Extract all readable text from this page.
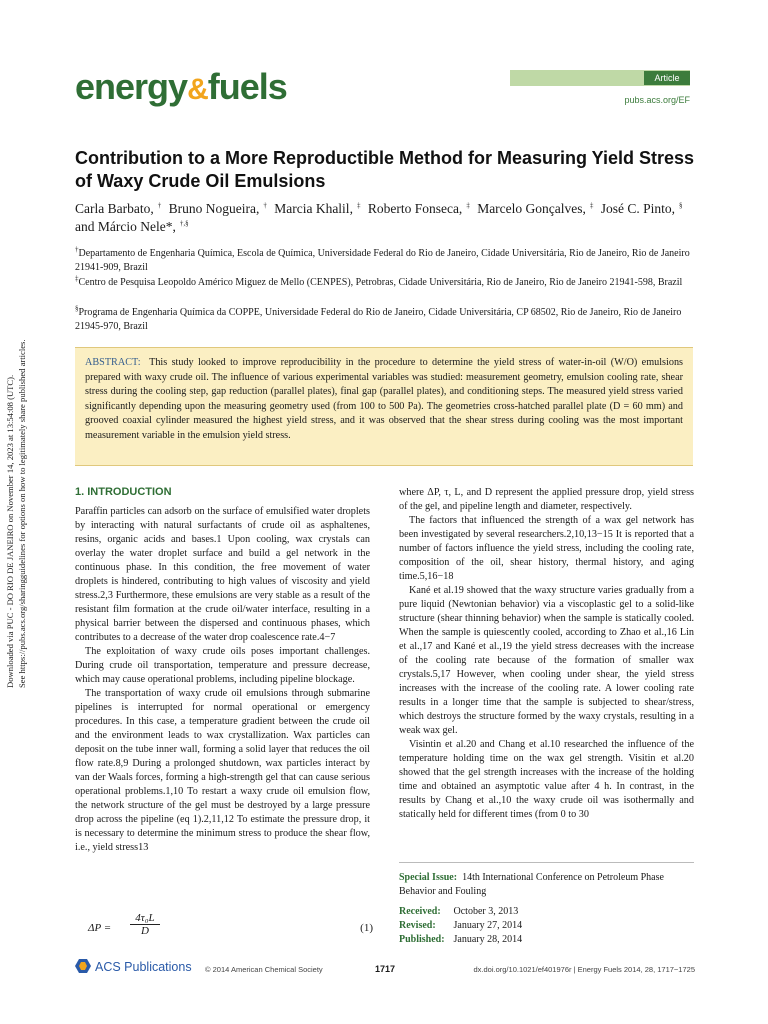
Downloaded via PUC - DO RIO DE JANEIRO on November 14, 2023 at 13:54:08 (UTC). See https://pubs.acs.org/sharingguidelines for options on how to legitimately share published articles.
energy&fuels	Article
pubs.acs.org/EF
Contribution to a More Reproductible Method for Measuring Yield Stress of Waxy Crude Oil Emulsions
Carla Barbato, † Bruno Nogueira, † Marcia Khalil, ‡ Roberto Fonseca, ‡ Marcelo Gonçalves, ‡ José C. Pinto, § and Márcio Nele*, †,§
†Departamento de Engenharia Química, Escola de Química, Universidade Federal do Rio de Janeiro, Cidade Universitária, Rio de Janeiro, Rio de Janeiro 21941-909, Brazil
‡Centro de Pesquisa Leopoldo Américo Miguez de Mello (CENPES), Petrobras, Cidade Universitária, Rio de Janeiro, Rio de Janeiro 21941-598, Brazil
§Programa de Engenharia Química da COPPE, Universidade Federal do Rio de Janeiro, Cidade Universitária, CP 68502, Rio de Janeiro, Rio de Janeiro 21945-970, Brazil

ABSTRACT: This study looked to improve reproducibility in the procedure to determine the yield stress of water-in-oil (W/O) emulsions prepared with waxy crude oil. The influence of various experimental variables was studied: measurement geometry, emulsion cooling rate, shear stress during the cooling step, gap reduction (parallel plates), final gap (parallel plates), and conditioning steps. The measured yield stress varied significantly depending upon the measuring geometry used (from 100 to 500 Pa). The geometries cross-hatched parallel plate (D = 60 mm) and grooved coaxial cylinder measured the highest yield stress, and it was observed that the shear stress during cooling was the most important measurement variable in the emulsion yield stress.

1. INTRODUCTION

Paraffin particles can adsorb on the surface of emulsified water droplets by interacting with natural surfactants of crude oil as asphaltenes, resins, organic acids and bases.1 Upon cooling, wax crystals can overlay the water droplet surface and build a gel network in the continuous phase. In this condition, the free movement of water droplets is hindered, contributing to high values of viscosity and yield stress.2,3 Furthermore, these emulsions are very stable as a result of the resistant film formation at the crude oil/water interface, resulting in a physical barrier between the dispersed and continuous phases, which contributes to a decrease of the water drop coalescence rate.4−7

The exploitation of waxy crude oils poses important challenges. During crude oil transportation, temperature and pressure decrease, which may cause operational problems, including pipeline blockage.

The transportation of waxy crude oil emulsions through submarine pipelines is interrupted for normal operational or emergency procedures. In this case, a temperature gradient between the crude oil and the environment leads to wax crystallization. Wax particles can deposit on the tube inner wall, forming a solid layer that reduces the oil flow rate.8,9 During a prolonged shutdown, wax particles interact by van der Waals forces, forming a high-strength gel that can cause serious operational problems.1,10 To restart a waxy crude oil emulsion flow, the network structure of the gel must be destroyed by a large pressure drop across the pipeline (eq 1).2,11,12 To estimate the pressure drop, it is necessary to determine the minimum stress to produce the shear flow, i.e., yield stress13

$\Delta P = \frac{\text{4τ₀L}}{D}$	(1)

where ΔP, τ, L, and D represent the applied pressure drop, yield stress of the gel, and pipeline length and diameter, respectively.

The factors that influenced the strength of a wax gel network has been investigated by several researchers.2,10,13−15 It is reported that a number of factors influence the yield stress, including the cooling rate, composition of the oil, shear history, thermal history, and aging time.5,16−18

Kané et al.19 showed that the waxy structure varies gradually from a pure liquid (Newtonian behavior) via a viscoplastic gel to a solid-like structure (shear thinning behavior) when the sample is statically cooled. When the sample is quiescently cooled, according to Zhao et al.,16 Lin et al.,17 and Kané et al.,19 the yield stress decreases with the increase of the cooling rate because of the formation of smaller wax crystals.5,17 However, when cooling under shear, the yield stress increases with the increase of the cooling rate. A lower cooling rate results in a longer time that the sample is subjected to shear/stress, which destroys the structure formed by the waxy crystals, resulting in a weak wax gel.

Visintin et al.20 and Chang et al.10 researched the influence of the temperature holding time on the wax gel strength. Visitin et al.20 showed that the gel strength increases with the increase of the holding time and obtained an asymptotic value after 4 h. In contrast, in the results by Chang et al.,10 the waxy crude oil was isothermally and statically held for different times (from 0 to 30

Special Issue: 14th International Conference on Petroleum Phase Behavior and Fouling
Received: October 3, 2013
Revised: January 27, 2014
Published: January 28, 2014
ACS Publications © 2014 American Chemical Society	1717	dx.doi.org/10.1021/ef401976r | Energy Fuels 2014, 28, 1717−1725
